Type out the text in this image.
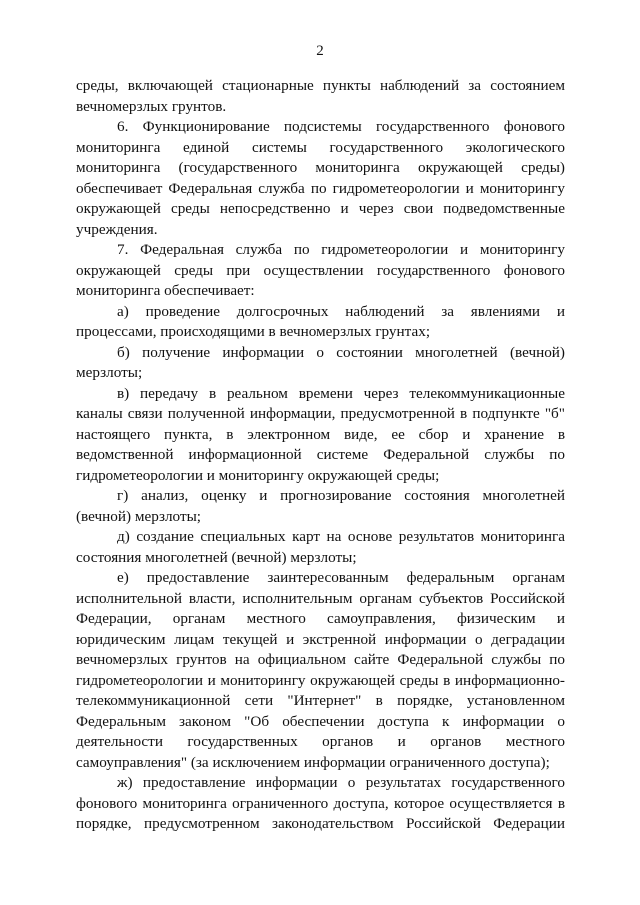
2

среды, включающей стационарные пункты наблюдений за состоянием вечномерзлых грунтов.

6. Функционирование подсистемы государственного фонового мониторинга единой системы государственного экологического мониторинга (государственного мониторинга окружающей среды) обеспечивает Федеральная служба по гидрометеорологии и мониторингу окружающей среды непосредственно и через свои подведомственные учреждения.

7. Федеральная служба по гидрометеорологии и мониторингу окружающей среды при осуществлении государственного фонового мониторинга обеспечивает:

а) проведение долгосрочных наблюдений за явлениями и процессами, происходящими в вечномерзлых грунтах;

б) получение информации о состоянии многолетней (вечной) мерзлоты;

в) передачу в реальном времени через телекоммуникационные каналы связи полученной информации, предусмотренной в подпункте "б" настоящего пункта, в электронном виде, ее сбор и хранение в ведомственной информационной системе Федеральной службы по гидрометеорологии и мониторингу окружающей среды;

г) анализ, оценку и прогнозирование состояния многолетней (вечной) мерзлоты;

д) создание специальных карт на основе результатов мониторинга состояния многолетней (вечной) мерзлоты;

е) предоставление заинтересованным федеральным органам исполнительной власти, исполнительным органам субъектов Российской Федерации, органам местного самоуправления, физическим и юридическим лицам текущей и экстренной информации о деградации вечномерзлых грунтов на официальном сайте Федеральной службы по гидрометеорологии и мониторингу окружающей среды в информационно-телекоммуникационной сети "Интернет" в порядке, установленном Федеральным законом "Об обеспечении доступа к информации о деятельности государственных органов и органов местного самоуправления" (за исключением информации ограниченного доступа);

ж) предоставление информации о результатах государственного фонового мониторинга ограниченного доступа, которое осуществляется в порядке, предусмотренном законодательством Российской Федерации
